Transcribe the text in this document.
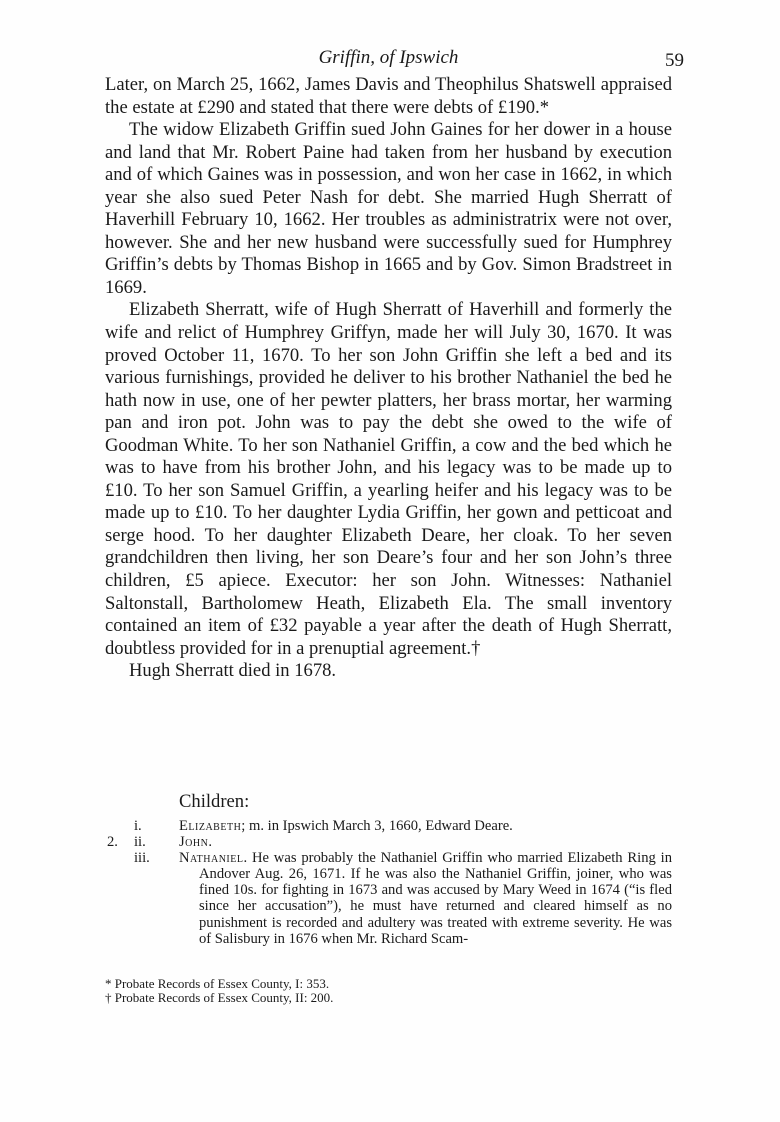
Griffin, of Ipswich	59

Later, on March 25, 1662, James Davis and Theophilus Shatswell appraised the estate at £290 and stated that there were debts of £190.*

The widow Elizabeth Griffin sued John Gaines for her dower in a house and land that Mr. Robert Paine had taken from her husband by execution and of which Gaines was in possession, and won her case in 1662, in which year she also sued Peter Nash for debt. She married Hugh Sherratt of Haverhill February 10, 1662. Her troubles as administratrix were not over, however. She and her new husband were successfully sued for Humphrey Griffin’s debts by Thomas Bishop in 1665 and by Gov. Simon Bradstreet in 1669.

Elizabeth Sherratt, wife of Hugh Sherratt of Haverhill and formerly the wife and relict of Humphrey Griffyn, made her will July 30, 1670. It was proved October 11, 1670. To her son John Griffin she left a bed and its various furnishings, provided he deliver to his brother Nathaniel the bed he hath now in use, one of her pewter platters, her brass mortar, her warming pan and iron pot. John was to pay the debt she owed to the wife of Goodman White. To her son Nathaniel Griffin, a cow and the bed which he was to have from his brother John, and his legacy was to be made up to £10. To her son Samuel Griffin, a yearling heifer and his legacy was to be made up to £10. To her daughter Lydia Griffin, her gown and petticoat and serge hood. To her daughter Elizabeth Deare, her cloak. To her seven grandchildren then living, her son Deare’s four and her son John’s three children, £5 apiece. Executor: her son John. Witnesses: Nathaniel Saltonstall, Bartholomew Heath, Elizabeth Ela. The small inventory contained an item of £32 payable a year after the death of Hugh Sherratt, doubtless provided for in a prenuptial agreement.†

Hugh Sherratt died in 1678.

Children:
i.	Elizabeth; m. in Ipswich March 3, 1660, Edward Deare.
2.	ii. John.
iii. Nathaniel. He was probably the Nathaniel Griffin who married Elizabeth Ring in Andover Aug. 26, 1671. If he was also the Nathaniel Griffin, joiner, who was fined 10s. for fighting in 1673 and was accused by Mary Weed in 1674 (“is fled since her accusation”), he must have returned and cleared himself as no punishment is recorded and adultery was treated with extreme severity. He was of Salisbury in 1676 when Mr. Richard Scam-
* Probate Records of Essex County, I: 353.
† Probate Records of Essex County, II: 200.
